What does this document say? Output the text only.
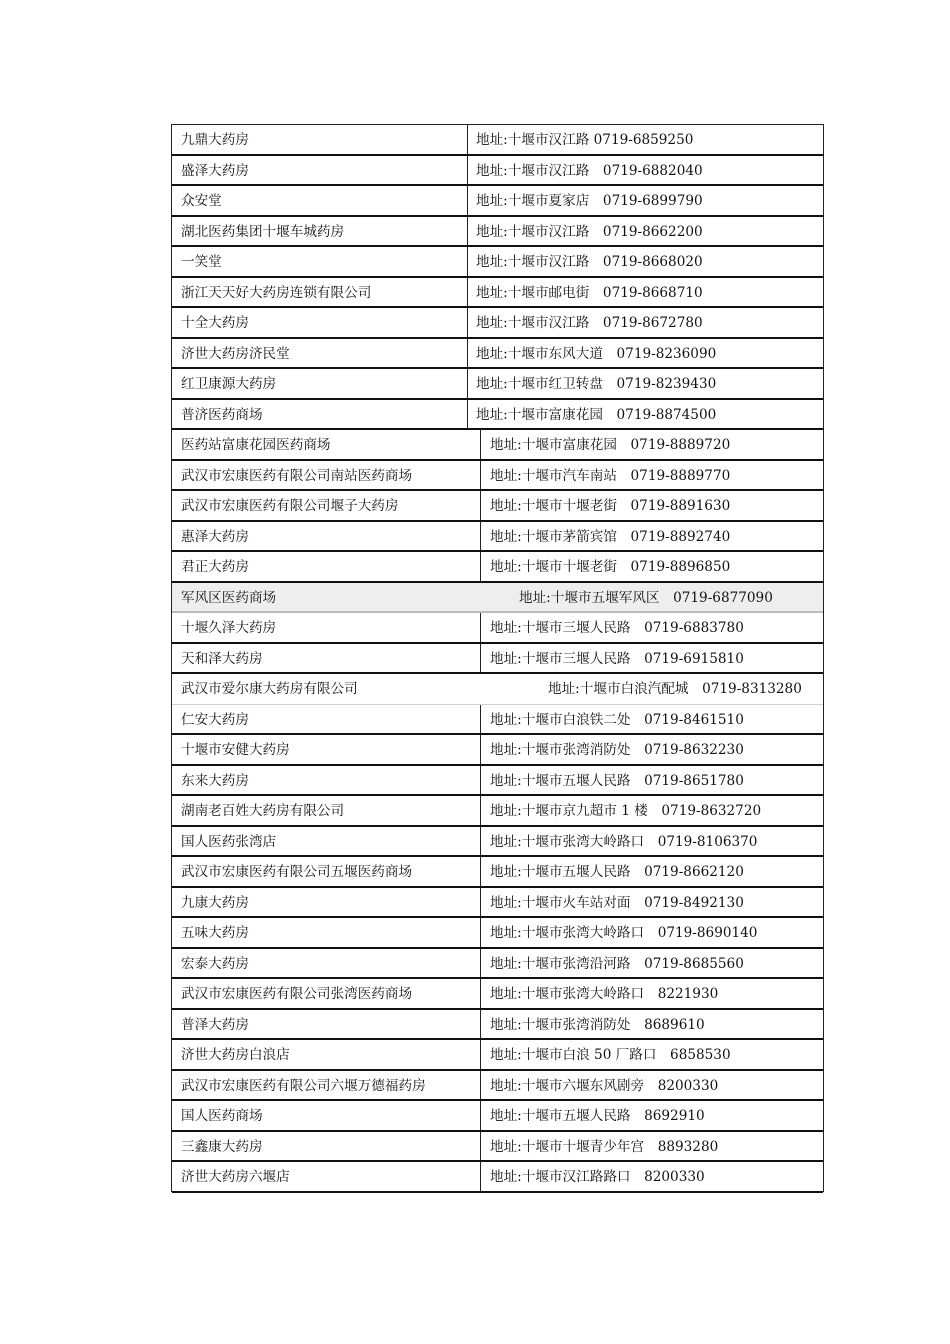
九鼎大药房	地址:十堰市汉江路 0719-6859250
盛泽大药房	地址:十堰市汉江路　0719-6882040
众安堂	地址:十堰市夏家店　0719-6899790
湖北医药集团十堰车城药房	地址:十堰市汉江路　0719-8662200
一笑堂	地址:十堰市汉江路　0719-8668020
浙江天天好大药房连锁有限公司	地址:十堰市邮电街　0719-8668710
十全大药房	地址:十堰市汉江路　0719-8672780
济世大药房济民堂	地址:十堰市东风大道　0719-8236090
红卫康源大药房	地址:十堰市红卫转盘　0719-8239430
普济医药商场	地址:十堰市富康花园　0719-8874500
医药站富康花园医药商场	地址:十堰市富康花园　0719-8889720
武汉市宏康医药有限公司南站医药商场	地址:十堰市汽车南站　0719-8889770
武汉市宏康医药有限公司堰子大药房	地址:十堰市十堰老街　0719-8891630
惠泽大药房	地址:十堰市茅箭宾馆　0719-8892740
君正大药房	地址:十堰市十堰老街　0719-8896850
军风区医药商场	地址:十堰市五堰军风区　0719-6877090
十堰久泽大药房	地址:十堰市三堰人民路　0719-6883780
天和泽大药房	地址:十堰市三堰人民路　0719-6915810
武汉市爱尔康大药房有限公司	地址:十堰市白浪汽配城　0719-8313280
仁安大药房	地址:十堰市白浪铁二处　0719-8461510
十堰市安健大药房	地址:十堰市张湾消防处　0719-8632230
东来大药房	地址:十堰市五堰人民路　0719-8651780
湖南老百姓大药房有限公司	地址:十堰市京九超市 1 楼　0719-8632720
国人医药张湾店	地址:十堰市张湾大岭路口　0719-8106370
武汉市宏康医药有限公司五堰医药商场	地址:十堰市五堰人民路　0719-8662120
九康大药房	地址:十堰市火车站对面　0719-8492130
五味大药房	地址:十堰市张湾大岭路口　0719-8690140
宏泰大药房	地址:十堰市张湾沿河路　0719-8685560
武汉市宏康医药有限公司张湾医药商场	地址:十堰市张湾大岭路口　8221930
普泽大药房	地址:十堰市张湾消防处　8689610
济世大药房白浪店	地址:十堰市白浪 50 厂路口　6858530
武汉市宏康医药有限公司六堰万德福药房	地址:十堰市六堰东风剧旁　8200330
国人医药商场	地址:十堰市五堰人民路　8692910
三鑫康大药房	地址:十堰市十堰青少年宫　8893280
济世大药房六堰店	地址:十堰市汉江路路口　8200330
